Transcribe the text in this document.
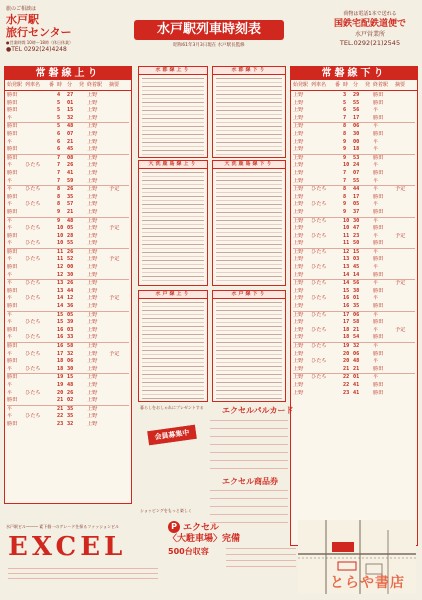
旅のご相談は
水戸駅
旅行センター
●営業時間 10時～18時（休日休業）
●TEL 0292(24)4248
水戸駅列車時刻表
昭和61年3月3日現在 水戸駅長監修
荷物は電話1本で送れる
国鉄宅配鉄道便で
水戸営業所
TEL.0292(21)2545
常磐線上り
始発駅 列車名	番 時 分	発 終着駅	摘要
勝田	4	27	上野
勝田	5	01	上野
勝田	5	15	上野
平	5	32	上野
勝田	5	48	上野
勝田	6	07	上野
平	6	21	上野
勝田	6	45	上野
勝田	7	08	上野
平	ひたち	7	26	上野
勝田	7	41	上野
平	7	59	上野
平	ひたち	8	26	上野	予定
勝田	8	35	上野
平	ひたち	8	57	上野
勝田	9	21	上野
平	9	48	上野
平	ひたち	10 05	上野	予定
勝田	10 28	上野
平	ひたち	10 55	上野
勝田	11 26	上野
平	ひたち	11 52	上野	予定
勝田	12 00	上野
平	12 30	上野
平	ひたち	13 26	上野
勝田	13 44	上野
平	ひたち	14 12	上野	予定
勝田	14 36	上野
平	15 05	上野
平	ひたち	15 39	上野
勝田	16 03	上野
平	ひたち	16 33	上野
勝田	16 58	上野
平	ひたち	17 32	上野	予定
勝田	18 06	上野
平	ひたち	18 30	上野
勝田	19 15	上野
平	19 48	上野
平	ひたち	20 26	上野
勝田	21 02	上野
平	21 35	上野
平	ひたち	22 35	上野
勝田	23 32	上野
常磐線下り
始発駅 列車名	番 時 分	発 終着駅	摘要
上野	3	29	勝田
上野	5	55	勝田
上野	6	56	平
上野	7	17	勝田
上野	8	06	平
上野	8	30	勝田
上野	9	00	平
上野	9	18	平
上野	9	53	勝田
上野	10 24	平
上野	7	07	勝田
上野	7	55	平
上野	ひたち	8	44	平	予定
上野	8	17	勝田
上野	ひたち	9	05	平
上野	9	37	勝田
上野	ひたち	10 30	平
上野	10 47	勝田
上野	ひたち	11 23	平	予定
上野	11 50	勝田
上野	ひたち	12 15	平
上野	13 03	勝田
上野	ひたち	13 45	平
上野	14 14	勝田
上野	ひたち	14 56	平	予定
上野	15 38	勝田
上野	ひたち	16 01	平
上野	16 35	勝田
上野	ひたち	17 06	平
上野	17 58	勝田
上野	ひたち	18 21	平	予定
上野	18 54	勝田
上野	ひたち	19 32	平
上野	20 06	勝田
上野	ひたち	20 48	平
上野	21 21	勝田
上野	ひたち	22 01	平
上野	22 41	勝田
上野	23 41	勝田
水郡線上り	水郡線下り
大洗鹿島線上り	大洗鹿島線下り
水戸線上り	水戸線下り
暮らしをおしゃれにプレゼントする
会員募集中
エクセルパルカード
ショッピングをもっと楽しく
エクセル商品券
水戸駅ビル───── 素下個一のグレードを探るファッションビル
EXCEL
P エクセル
〈大駐車場〉完備
500台収容
とらや書店
